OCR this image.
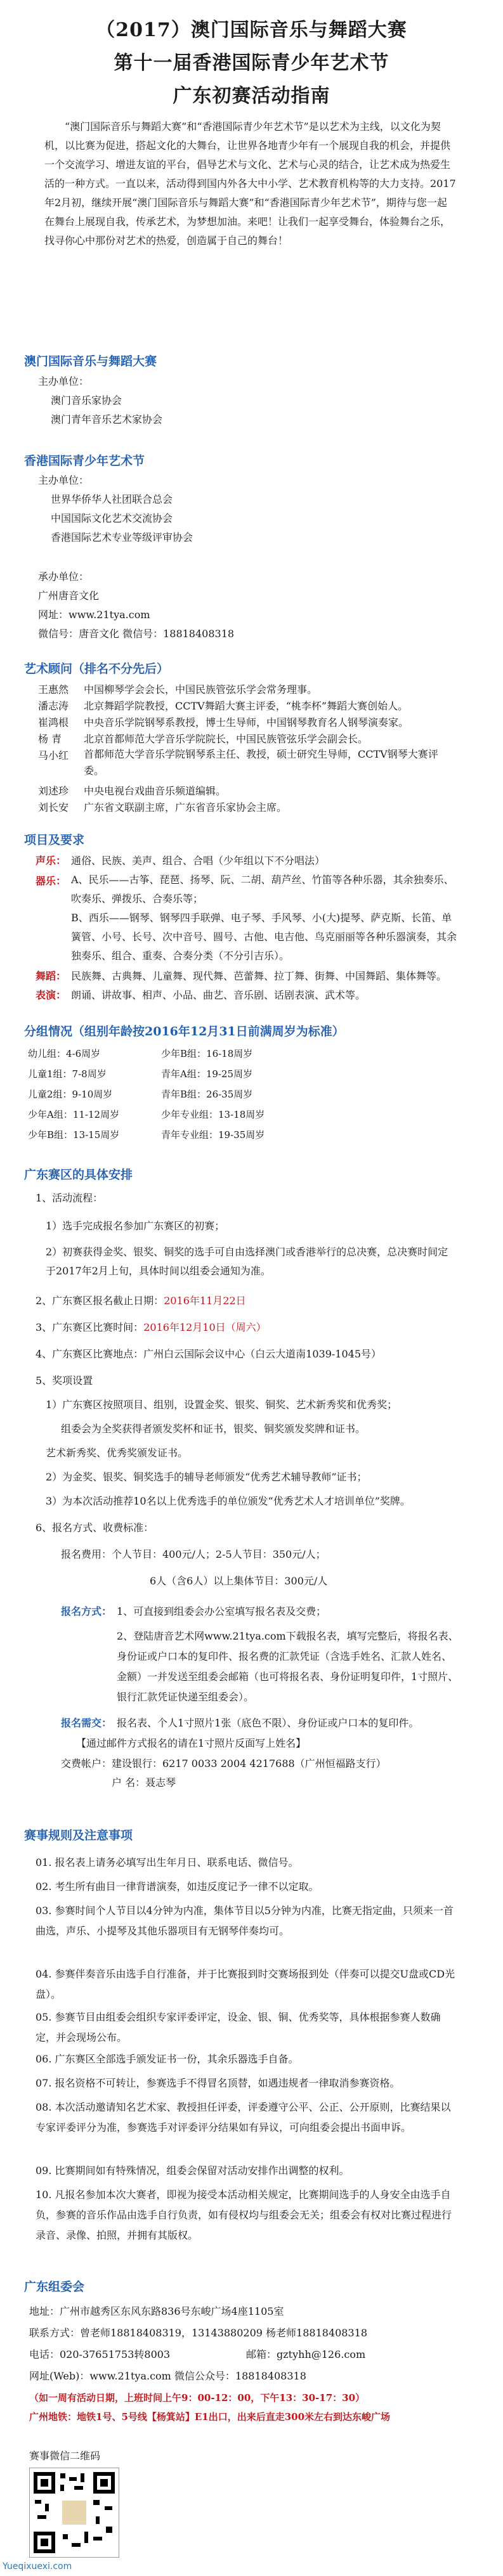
（2017）澳门国际音乐与舞蹈大赛
第十一届香港国际青少年艺术节
广东初赛活动指南
“澳门国际音乐与舞蹈大赛”和“香港国际青少年艺术节”是以艺术为主线，以文化为契机，以比赛为促进，搭起文化的大舞台，让世界各地青少年有一个展现自我的机会，并提供一个交流学习、增进友谊的平台，倡导艺术与文化、艺术与心灵的结合，让艺术成为热爱生活的一种方式。一直以来，活动得到国内外各大中小学、艺术教育机构等的大力支持。2017年2月初，继续开展“澳门国际音乐与舞蹈大赛”和“香港国际青少年艺术节”，期待与您一起在舞台上展现自我，传承艺术，为梦想加油。来吧！让我们一起享受舞台，体验舞台之乐，找寻你心中那份对艺术的热爱，创造属于自己的舞台！
澳门国际音乐与舞蹈大赛
主办单位：
澳门音乐家协会
澳门青年音乐艺术家协会
香港国际青少年艺术节
主办单位：
世界华侨华人社团联合总会
中国国际文化艺术交流协会
香港国际艺术专业等级评审协会
承办单位：
广州唐音文化
网址：www.21tya.com
微信号：唐音文化 微信号：18818408318
艺术顾问（排名不分先后）
王惠然 中国柳琴学会会长，中国民族管弦乐学会常务理事。
潘志涛 北京舞蹈学院教授，CCTV舞蹈大赛主评委，“桃李杯”舞蹈大赛创始人。
崔鸿根 中央音乐学院钢琴系教授，博士生导师，中国钢琴教育名人钢琴演奏家。
杨 青 北京首都师范大学音乐学院院长，中国民族管弦乐学会副会长。
马小红 首都师范大学音乐学院钢琴系主任、教授，硕士研究生导师，CCTV钢琴大赛评委。
刘述珍 中央电视台戏曲音乐频道编辑。
刘长安 广东省文联副主席，广东省音乐家协会主席。
项目及要求
声乐： 通俗、民族、美声、组合、合唱（少年组以下不分唱法）
器乐： A、民乐——古筝、琵琶、扬琴、阮、二胡、葫芦丝、竹笛等各种乐器，其余独奏乐、吹奏乐、弹拨乐、合奏乐等；
B、西乐——钢琴、钢琴四手联弹、电子琴、手风琴、小(大)提琴、萨克斯、长笛、单簧管、小号、长号、次中音号、圆号、古他、电吉他、鸟克丽丽等各种乐器演奏，其余独奏乐、组合、重奏、合奏分类（不分引吉乐）。
舞蹈： 民族舞、古典舞、儿童舞、现代舞、芭蕾舞、拉丁舞、街舞、中国舞蹈、集体舞等。
表演： 朗诵、讲故事、相声、小品、曲艺、音乐剧、话剧表演、武术等。
分组情况（组别年龄按2016年12月31日前满周岁为标准）
幼儿组：4-6周岁	少年B组：16-18周岁
儿童1组：7-8周岁	青年A组：19-25周岁
儿童2组：9-10周岁	青年B组：26-35周岁
少年A组：11-12周岁	少年专业组：13-18周岁
少年B组：13-15周岁	青年专业组：19-35周岁
广东赛区的具体安排
1、活动流程：
1）选手完成报名参加广东赛区的初赛；
2）初赛获得金奖、银奖、铜奖的选手可自由选择澳门或香港举行的总决赛，总决赛时间定于2017年2月上旬，具体时间以组委会通知为准。
2、广东赛区报名截止日期：2016年11月22日
3、广东赛区比赛时间：2016年12月10日（周六）
4、广东赛区比赛地点：广州白云国际会议中心（白云大道南1039-1045号）
5、奖项设置
1）广东赛区按照项目、组别，设置金奖、银奖、铜奖、艺术新秀奖和优秀奖；
组委会为全奖获得者颁发奖杯和证书，银奖、铜奖颁发奖牌和证书。
艺术新秀奖、优秀奖颁发证书。
2）为金奖、银奖、铜奖选手的辅导老师颁发“优秀艺术辅导教师”证书；
3）为本次活动推荐10名以上优秀选手的单位颁发“优秀艺术人才培训单位”奖牌。
6、报名方式、收费标准：
报名费用： 个人节目：400元/人；2-5人节目：350元/人；
6人（含6人）以上集体节目：300元/人
报名方式： 1、可直接到组委会办公室填写报名表及交费；
2、登陆唐音艺术网www.21tya.com下载报名表，填写完整后，将报名表、身份证或户口本的复印件、报名费的汇款凭证（含选手姓名、汇款人姓名、金额）一并发送至组委会邮箱（也可将报名表、身份证明复印件，1寸照片、银行汇款凭证快递至组委会）。
报名需交： 报名表、个人1寸照片1张（底色不限）、身份证或户口本的复印件。
【通过邮件方式报名的请在1寸照片反面写上姓名】
交费帐户： 建设银行：6217 0033 2004 4217688（广州恒福路支行）
户 名：聂志琴
赛事规则及注意事项
01. 报名表上请务必填写出生年月日、联系电话、微信号。
02. 考生所有曲目一律背谱演奏，如违反度记予一律不以定取。
03. 参赛时间个人节目以4分钟为内准，集体节目以5分钟为内准，比赛无指定曲，只须来一首曲选，声乐、小提琴及其他乐器项目有无钢琴伴奏均可。
04. 参赛伴奏音乐由选手自行准备，并于比赛报到时交赛场报到处（伴奏可以提交U盘或CD光盘）。
05. 参赛节目由组委会组织专家评委评定，设金、银、铜、优秀奖等，具体根据参赛人数确定，并会现场公布。
06. 广东赛区全部选手颁发证书一份，其余乐器选手自备。
07. 报名资格不可转让，参赛选手不得冒名顶替，如遇违规者一律取消参赛资格。
08. 本次活动邀请知名艺术家、教授担任评委，评委遵守公平、公正、公开原则，比赛结果以专家评委评分为准，参赛选手对评委评分结果如有异议，可向组委会提出书面申诉。
09. 比赛期间如有特殊情况，组委会保留对活动安排作出调整的权利。
10. 凡报名参加本次大赛者，即视为接受本活动相关规定，比赛期间选手的人身安全由选手自负，参赛的音乐作品由选手自行负责，如有侵权均与组委会无关；组委会有权对比赛过程进行录音、录像、拍照，并拥有其版权。
广东组委会
地址：广州市越秀区东风东路836号东峻广场4座1105室
联系方式：曾老师18818408319，13143880209 杨老师18818408318
电话：020-37651753转8003	邮箱：gztyhh@126.com
网址(Web)：www.21tya.com 微信公众号：18818408318
（如一周有活动日期，上班时间上午9：00-12：00，下午13：30-17：30）
广州地铁：地铁1号、5号线【杨箕站】E1出口，出来后直走300米左右到达东峻广场
赛事微信二维码
Yueqixuexi.com
